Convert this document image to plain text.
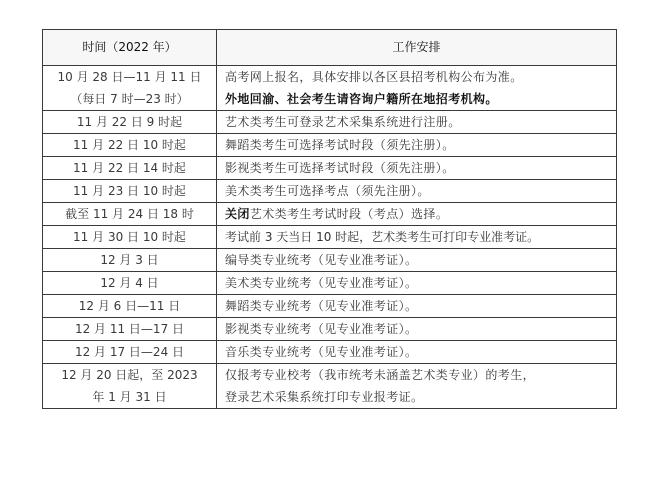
时间（2022 年）	工作安排

10 月 28 日—11 月 11 日
（每日 7 时—23 时）	高考网上报名，具体安排以各区县招考机构公布为准。
外地回渝、社会考生请咨询户籍所在地招考机构。

11 月 22 日 9 时起	艺术类考生可登录艺术采集系统进行注册。
11 月 22 日 10 时起	舞蹈类考生可选择考试时段（须先注册）。
11 月 22 日 14 时起	影视类考生可选择考试时段（须先注册）。
11 月 23 日 10 时起	美术类考生可选择考点（须先注册）。
截至 11 月 24 日 18 时	关闭艺术类考生考试时段（考点）选择。
11 月 30 日 10 时起	考试前 3 天当日 10 时起，艺术类考生可打印专业准考证。
12 月 3 日	编导类专业统考（见专业准考证）。
12 月 4 日	美术类专业统考（见专业准考证）。
12 月 6 日—11 日	舞蹈类专业统考（见专业准考证）。
12 月 11 日—17 日	影视类专业统考（见专业准考证）。
12 月 17 日—24 日	音乐类专业统考（见专业准考证）。

12 月 20 日起，至 2023
年 1 月 31 日	仅报考专业校考（我市统考未涵盖艺术类专业）的考生，
登录艺术采集系统打印专业报考证。
